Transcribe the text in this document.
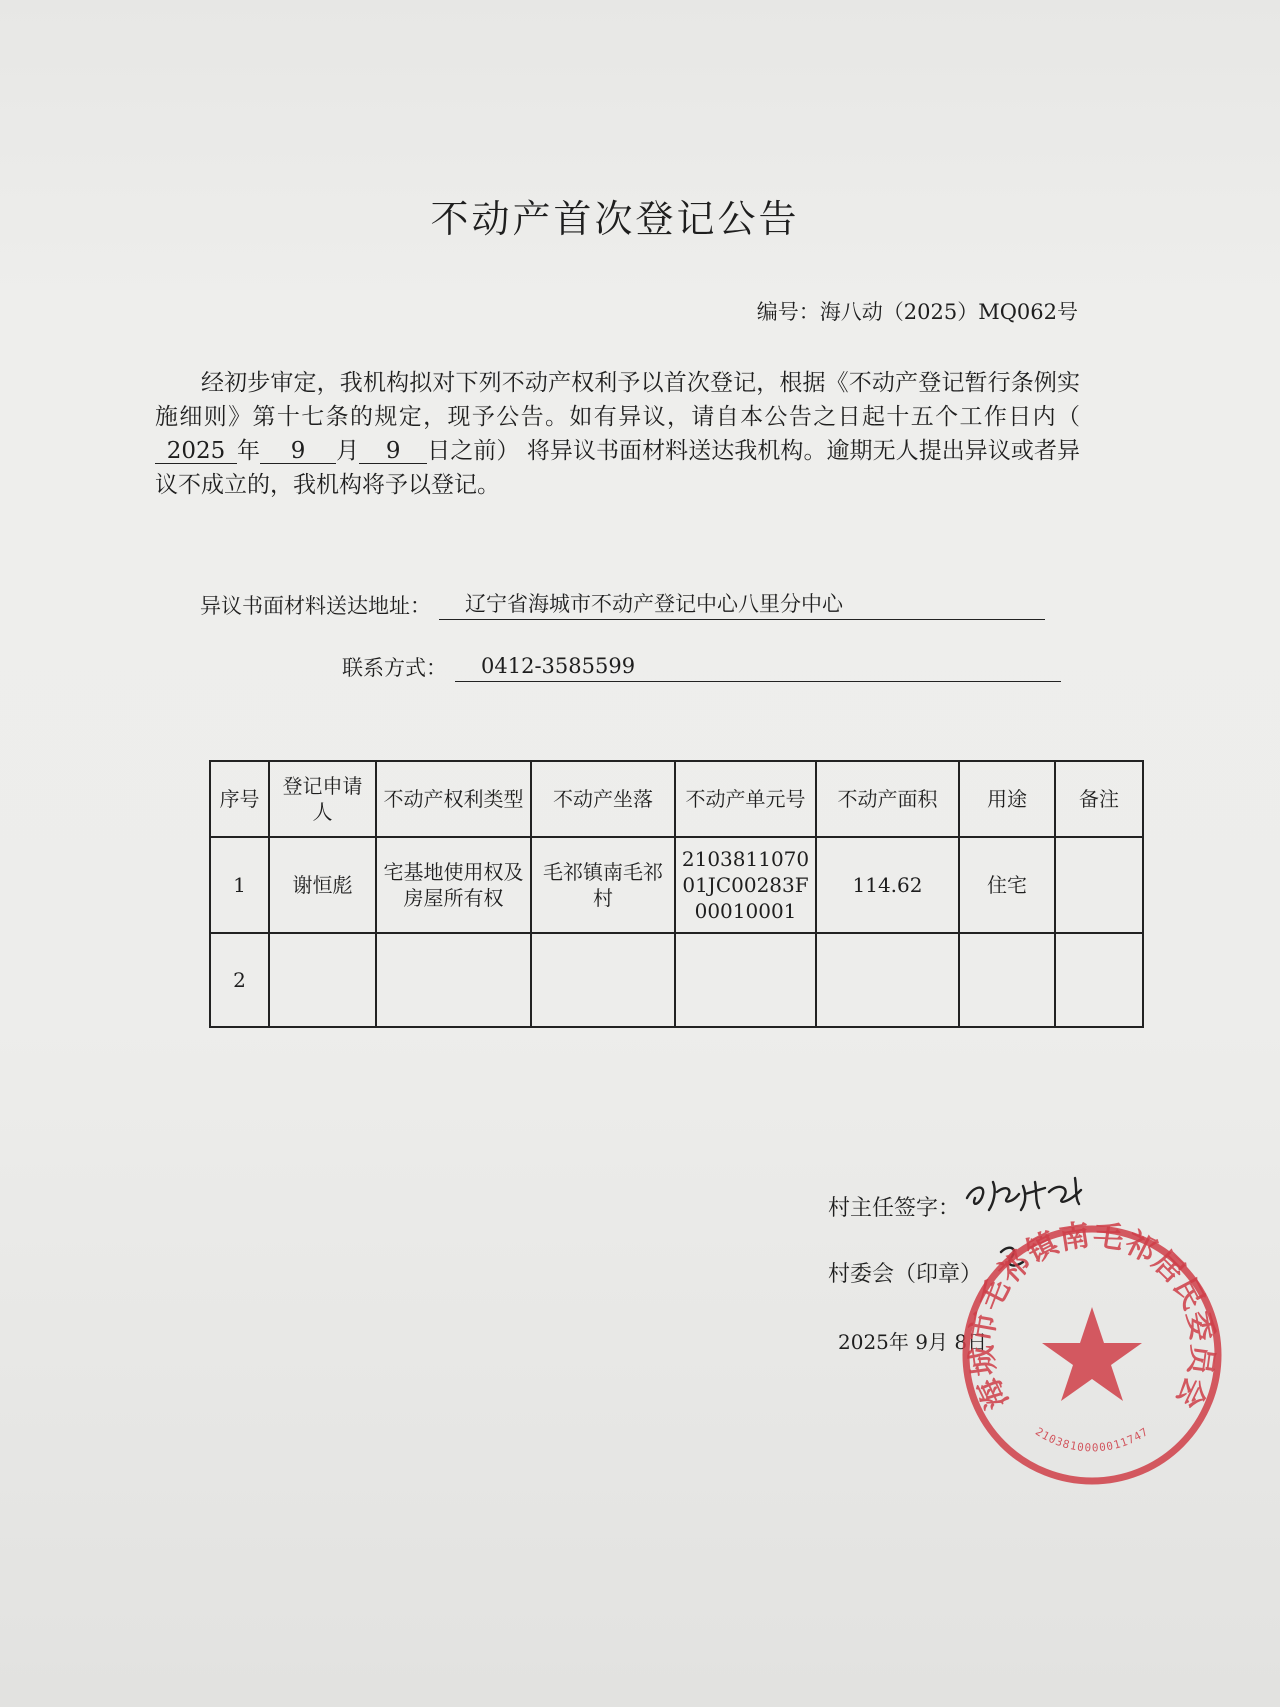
不动产首次登记公告
编号：海八动（2025）MQ062号
经初步审定，我机构拟对下列不动产权利予以首次登记，根据《不动产登记暂行条例实施细则》第十七条的规定，现予公告。如有异议，请自本公告之日起十五个工作日内（2025 年 9 月 9 日之前） 将异议书面材料送达我机构。逾期无人提出异议或者异议不成立的，我机构将予以登记。
异议书面材料送达地址：	辽宁省海城市不动产登记中心八里分中心
联系方式：	0412-3585599
序号	登记申请人	不动产权利类型	不动产坐落	不动产单元号	不动产面积	用途	备注
1	谢恒彪	宅基地使用权及房屋所有权	毛祁镇南毛祁村	210381107001JC00283F00010001	114.62	住宅	
2							
村主任签字：
村委会（印章）
2025年 9月 8日
海城市毛祁镇南毛祁居民委员会
2103810000011747
